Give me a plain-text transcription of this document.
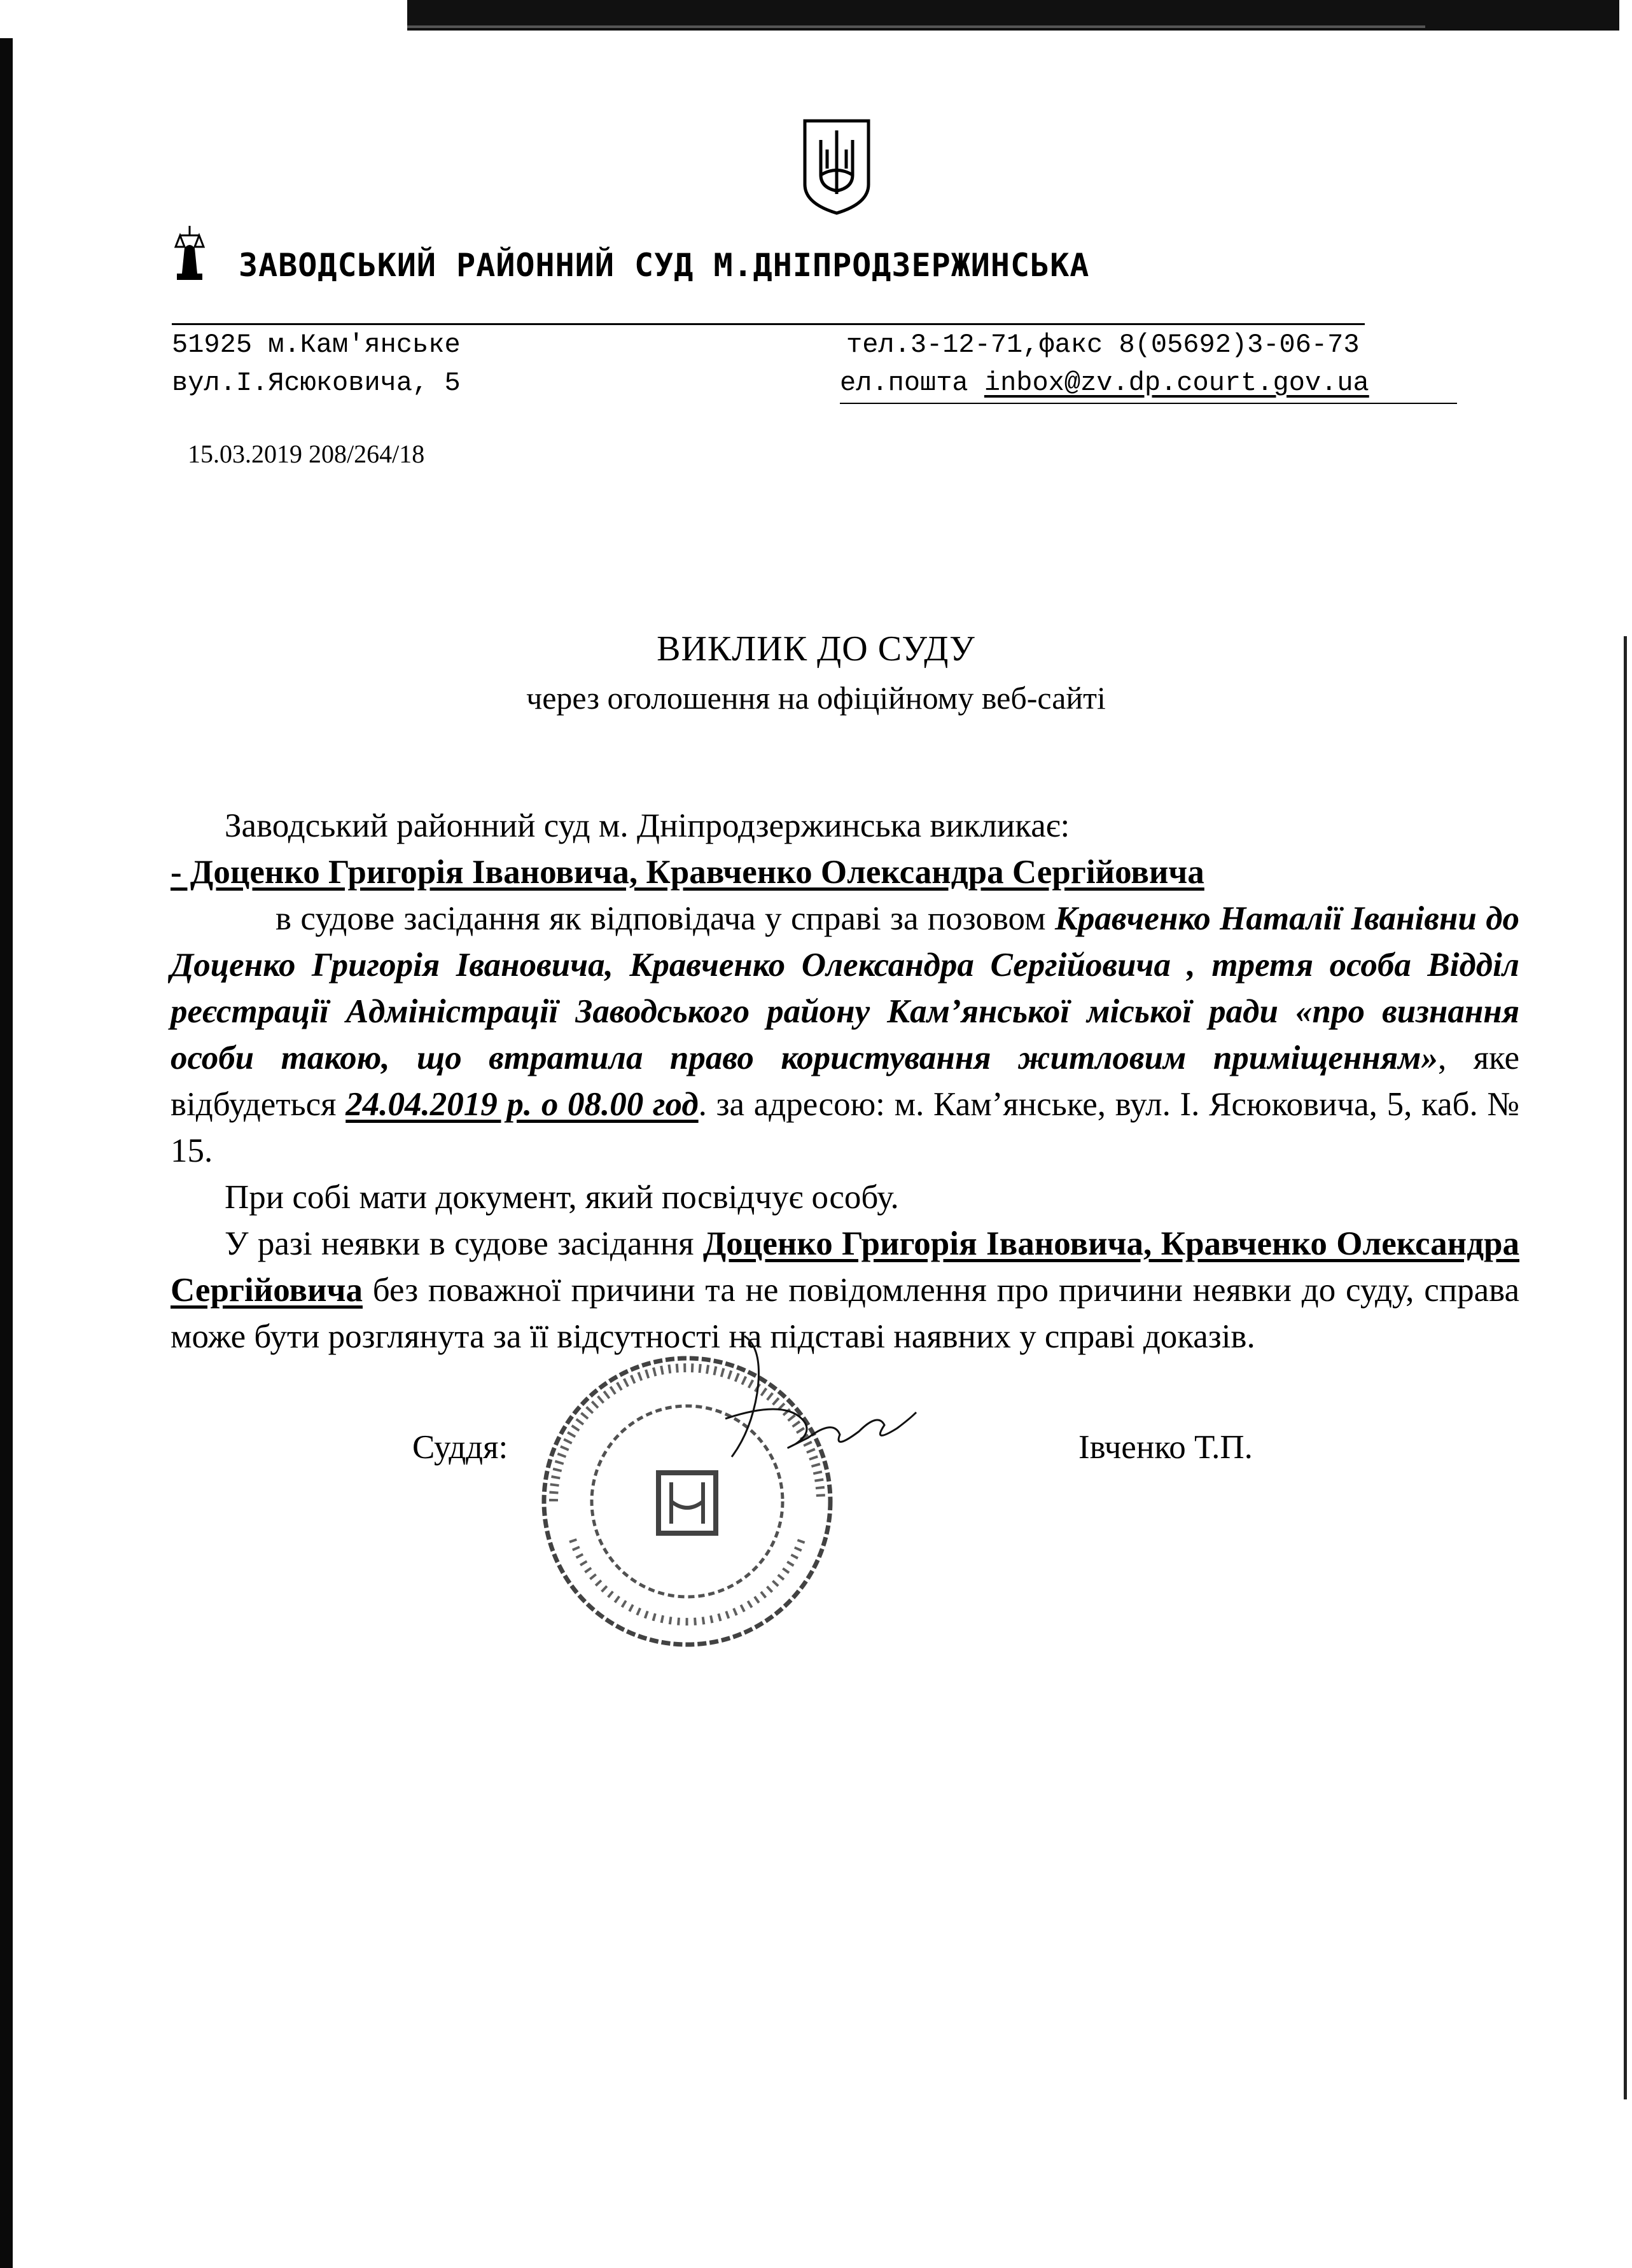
ЗАВОДСЬКИЙ РАЙОННИЙ СУД М.ДНІПРОДЗЕРЖИНСЬКА
51925 м.Кам'янське
вул.І.Ясюковича, 5
тел.3-12-71,факс 8(05692)3-06-73
ел.пошта inbox@zv.dp.court.gov.ua
15.03.2019 208/264/18
ВИКЛИК ДО СУДУ
через оголошення на офіційному веб-сайті

Заводський районний суд м. Дніпродзержинська викликає:

- Доценко Григорія Івановича, Кравченко Олександра Сергійовича

в судове засідання як відповідача у справі за позовом Кравченко Наталії Іванівни до Доценко Григорія Івановича, Кравченко Олександра Сергійовича , третя особа Відділ реєстрації Адміністрації Заводського району Кам’янської міської ради «про визнання особи такою, що втратила право користування житловим приміщенням», яке відбудеться 24.04.2019 р. о 08.00 год. за адресою: м. Кам’янське, вул. І. Ясюковича, 5, каб. № 15.

При собі мати документ, який посвідчує особу.

У разі неявки в судове засідання Доценко Григорія Івановича, Кравченко Олександра Сергійовича без поважної причини та не повідомлення про причини неявки до суду, справа може бути розглянута за її відсутності на підставі наявних у справі доказів.

Суддя:	Івченко Т.П.
